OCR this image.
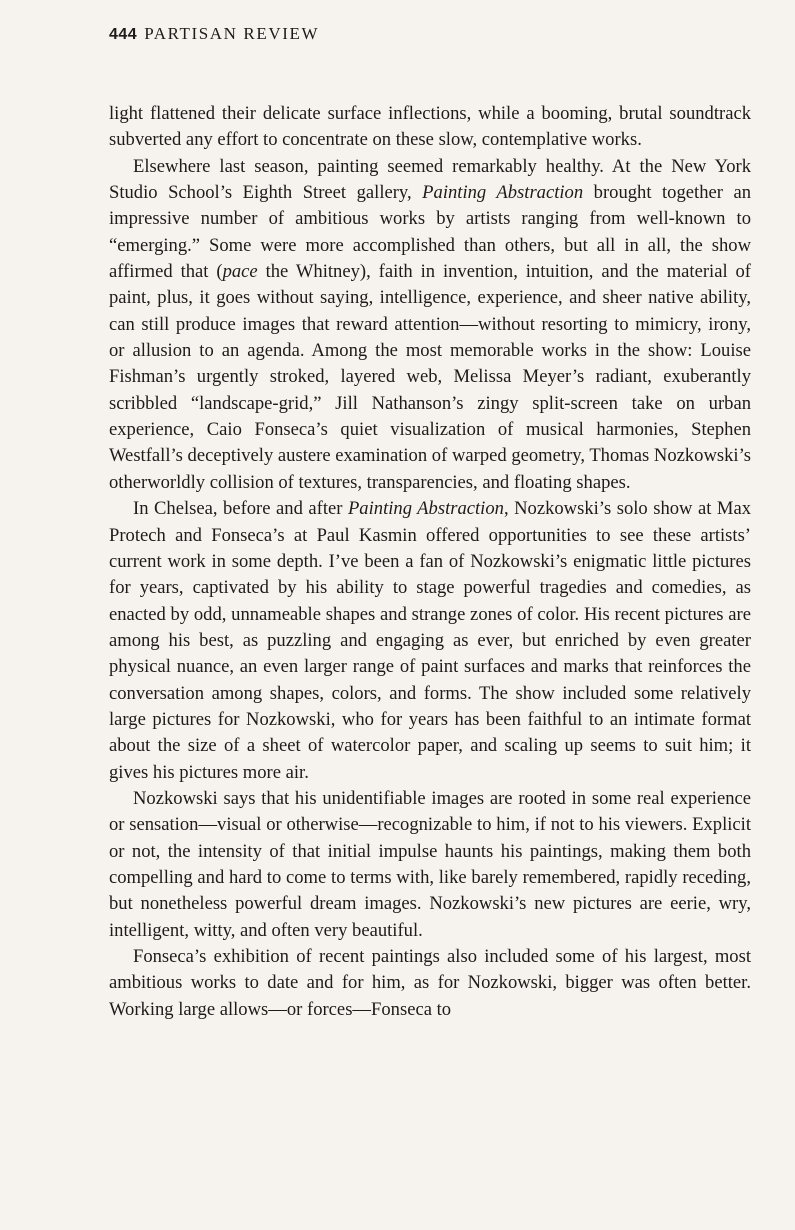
444 PARTISAN REVIEW

light flattened their delicate surface inflections, while a booming, brutal soundtrack subverted any effort to concentrate on these slow, contemplative works.

Elsewhere last season, painting seemed remarkably healthy. At the New York Studio School’s Eighth Street gallery, Painting Abstraction brought together an impressive number of ambitious works by artists ranging from well-known to “emerging.” Some were more accomplished than others, but all in all, the show affirmed that (pace the Whitney), faith in invention, intuition, and the material of paint, plus, it goes without saying, intelligence, experience, and sheer native ability, can still produce images that reward attention—without resorting to mimicry, irony, or allusion to an agenda. Among the most memorable works in the show: Louise Fishman’s urgently stroked, layered web, Melissa Meyer’s radiant, exuberantly scribbled “landscape-grid,” Jill Nathanson’s zingy split-screen take on urban experience, Caio Fonseca’s quiet visualization of musical harmonies, Stephen Westfall’s deceptively austere examination of warped geometry, Thomas Nozkowski’s otherworldly collision of textures, transparencies, and floating shapes.

In Chelsea, before and after Painting Abstraction, Nozkowski’s solo show at Max Protech and Fonseca’s at Paul Kasmin offered opportunities to see these artists’ current work in some depth. I’ve been a fan of Nozkowski’s enigmatic little pictures for years, captivated by his ability to stage powerful tragedies and comedies, as enacted by odd, unnameable shapes and strange zones of color. His recent pictures are among his best, as puzzling and engaging as ever, but enriched by even greater physical nuance, an even larger range of paint surfaces and marks that reinforces the conversation among shapes, colors, and forms. The show included some relatively large pictures for Nozkowski, who for years has been faithful to an intimate format about the size of a sheet of watercolor paper, and scaling up seems to suit him; it gives his pictures more air.

Nozkowski says that his unidentifiable images are rooted in some real experience or sensation—visual or otherwise—recognizable to him, if not to his viewers. Explicit or not, the intensity of that initial impulse haunts his paintings, making them both compelling and hard to come to terms with, like barely remembered, rapidly receding, but nonetheless powerful dream images. Nozkowski’s new pictures are eerie, wry, intelligent, witty, and often very beautiful.

Fonseca’s exhibition of recent paintings also included some of his largest, most ambitious works to date and for him, as for Nozkowski, bigger was often better. Working large allows—or forces—Fonseca to
